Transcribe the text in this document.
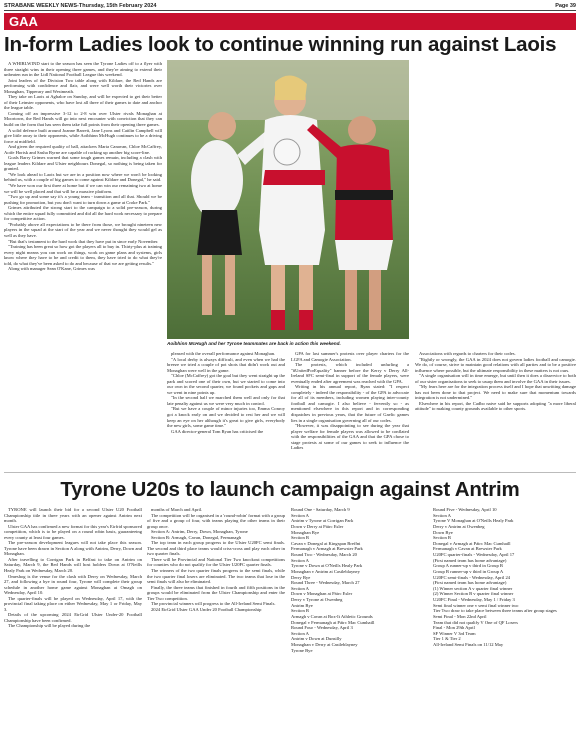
STRABANE WEEKLY NEWS-Thursday, 15th February 2024	Page 39
GAA
In-form Ladies look to continue winning run against Laois

A WHIRLWIND start to the season has seen the Tyrone Ladies off to a flyer with three straight wins in their opening three games, and they're aiming to extend their unbeaten run in the Lidl National Football League this weekend.

Joint leaders of the Division Two table along with Kildare, the Red Hands are performing with confidence and flair, and were well worth their victories over Monaghan, Tipperary and Westmeath.

They take on Laois at Aghaloe on Sunday, and will be expected to get their better of their Leinster opponents, who have lost all three of their games to date and anchor the league table.

Coming off an impressive 3-12 to 2-8 win over Ulster rivals Monaghan at Moortown, the Red Hands will go into next encounter with conviction that they can build on the form that has seen them take full points from their opening three games.

A solid defence built around Joanne Barrett, Jane Lyons and Caitlin Campbell will give little away to their opponents, while Aoibhinn McHugh continues to be a driving force at midfield.

And given the required quality of ball, attackers Maria Canavan, Chloe McCaffrey, Aoife Horisk and Sasha Byrne are capable of racking up another big score-line.

Goals Barry Grimes warned that some tough games remain, including a clash with league leaders Kildare and Ulster neighbours Donegal, so nothing is being taken for granted.

"We look ahead to Laois but we are in a position now where we won't be looking behind us, with a couple of big games to come against Kildare and Donegal," he said.

"We have won our first three at home but if we can win our remaining two at home we will be well placed and that will be a massive platform.

"Two go up and some say it's a young team - transition and all that. Should we be pushing for promotion, but you don't want to turn down a game at Croke Park."

Grimes attributed the strong start to the campaign to a solid pre-season, during which the entire squad fully committed and did all the hard work necessary to prepare for competitive action.

"Probably above all expectations to be there from those, we brought nineteen new players in the squad at the start of the year and we never thought they would gel as well as they have.

"But that's testament to the hard work that they have put in since early November.

"Training has been great so how got the players all to buy in. Thirty-plus at training every night means you can work on things, work on game plans and systems, girls know where they have to be and credit to them, they have tried to do what they're told, do what they've been asked to do and because of that we are getting results."

Along with manager Sean O'Kane, Grimes was

Aoibhinn McHugh and her Tyrone teammates are back in action this weekend.

pleased with the overall performance against Monaghan.

"A local derby is always difficult, and even when we had the breeze we tried a couple of pot shots that didn't work out and Monaghan were well in the game.

"Chloe (McCaffrey) got the goal but they went straight up the park and scored one of their own, but we started to come into our own in the second quarter, we found pockets and gaps and we went in nine points up.

"In the second half we marched them well and only for that late penalty against us we were very much in control.

"But we have a couple of minor injuries too, Emma Conroy got a knock early on and we decided to rest her and we will keep an eye on her although it's great to give girls, everybody the new girls, some game time."

GAA director-general Tom Ryan has criticised the

GPA for last summer's protests over player charters for the LGFA and Camogie Association.

The protests, which included unfurling a "#UnitedForEquality" banner before the Kerry v Derry All-Ireland SFC semi-final in support of the female players, were eventually ended after agreement was reached with the GPA.

Writing in his annual report, Ryan stated: "I respect completely - indeed the responsibility - of the GPA to advocate for all of its members, including women playing inter-county football and camogie. I also believe - fervently so - as mentioned elsewhere in this report and in corresponding dispatches in previous years, that the future of Gaelic games lies in a single organisation governing all of our codes.

"However, it was disappointing to see during the year that player welfare for female players was allowed to be conflated with the responsibilities of the GAA and that the GPA chose to stage protests at some of our games to seek to influence the Ladies

Associations with regards to charters for their codes.

"Rightly or wrongly, the GAA in 2024 does not govern ladies football and camogie. We do, of course, strive to maintain good relations with all parties and to be a positive influence where possible, but the ultimate responsibility in these matters is not ours.

"A single organisation will in time emerge, but until then it does a disservice to both of our sister organisations to seek to usurp them and involve the GAA in their issues.

"My fears here are for the integration process itself and I hope that unwitting damage has not been done to that project. We need to make sure that momentum towards integration is not undermined."

Elsewhere in his report, the Cadbo naive said he supports adopting "a more liberal attitude" to making county grounds available to other sports.

Tyrone U20s to launch campaign against Antrim

TYRONE will launch their bid for a second Ulster U20 Football Championship title in three years with an opener against Antrim next month.

Ulster GAA has confirmed a new format for this year's Eirfrid sponsored competition, which is to be played on a round robin basis, guaranteeing every county at least four games.

The pre-season development leagues will not take place this season. Tyrone have been drawn in Section A along with Antrim, Derry, Down and Monaghan.

After travelling to Corrigan Park in Belfast to take on Antrim on Saturday, March 9, the Red Hands will host holders Down at O'Neills Healy Park on Wednesday, March 20.

Omeshog is the venue for the clash with Derry on Wednesday, March 27, and following a bye in round four, Tyrone will complete their group schedule in another home game against Monaghan at Omagh on Wednesday, April 10.

The quarter-finals will be played on Wednesday, April 17, with the provincial final taking place on either Wednesday, May 1 or Friday, May 3.

Details of the upcoming 2024 EirGrid Ulster Under-20 Football Championship have been confirmed.

The Championship will be played during the

months of March and April.

The competition will be organised in a 'round-robin' format with a group of five and a group of four, with teams playing the other teams in their group once.

Section A: Antrim, Derry, Down, Monaghan, Tyrone

Section B: Armagh, Cavan, Donegal, Fermanagh

The top team in each group progress to the Ulster U20FC semi finals. The second and third place teams would criss-cross and play each other in two quarter finals.

There will be Provincial and National Tier Two knockout competitions for counties who do not qualify for the Ulster U20FC quarter finals.

The winners of the two quarter finals progress to the semi finals, while the two quarter final losers are eliminated. The two teams that lose in the semi finals will also be eliminated.

Finally, the three teams that finished in fourth and fifth positions in the groups would be eliminated from the Ulster Championship and enter the Tier Two competition.

The provincial winners will progress to the All-Ireland Semi Finals.

2024 EirGrid Ulster GAA Under 20 Football Championship

Round One - Saturday, March 9
Section A
Antrim v Tyrone at Corrigan Park
Down v Derry at Páirc Esler
Monaghan Bye
Section B
Cavan v Donegal at Kingspan Breffni
Fermanagh v Armagh at Brewster Park
Round Two - Wednesday, March 20
Section A
Tyrone v Down at O'Neills Healy Park
Monaghan v Antrim at Castleblayney
Derry Bye
Round Three - Wednesday, March 27
Section A
Down v Monaghan at Páirc Esler
Derry v Tyrone at Owenbeg
Antrim Bye
Section B
Armagh v Cavan at Box-It Athletic Grounds
Donegal v Fermanagh at Páirc Mac Cumhaill
Round Four - Wednesday, April 3
Section A
Antrim v Down at Dunsilly
Monaghan v Derry at Castleblayney
Tyrone Bye
Round Five - Wednesday, April 10
Section A
Tyrone V Monaghan at O'Neills Healy Park
Derry v Antrim at Owenbeg
Down Bye
Section B
Donegal v Armagh at Páirc Mac Cumhaill
Fermanagh v Cavan at Brewster Park
U20FC quarter-finals - Wednesday, April 17
(First named team has home advantage)
Group A runner-up v third in Group B
Group B runner-up v third in Group A
U20FC semi-finals - Wednesday, April 24
(First named team has home advantage)
(1) Winner section A v quarter final winner
(2) Winner Section B v quarter final winner
U20FC Final - Wednesday, May 1 / Friday 3
Semi final winner one v semi final winner two
Tier Two draw to take place between three teams after group stages
Semi Final - Mon 22nd April
Team that did not qualify V One of QF Losers
Final - Mon 29th April
SF Winner V 3rd Team
Tier 1 & Tier 2
All-Ireland Semi Finals on 11/12 May
